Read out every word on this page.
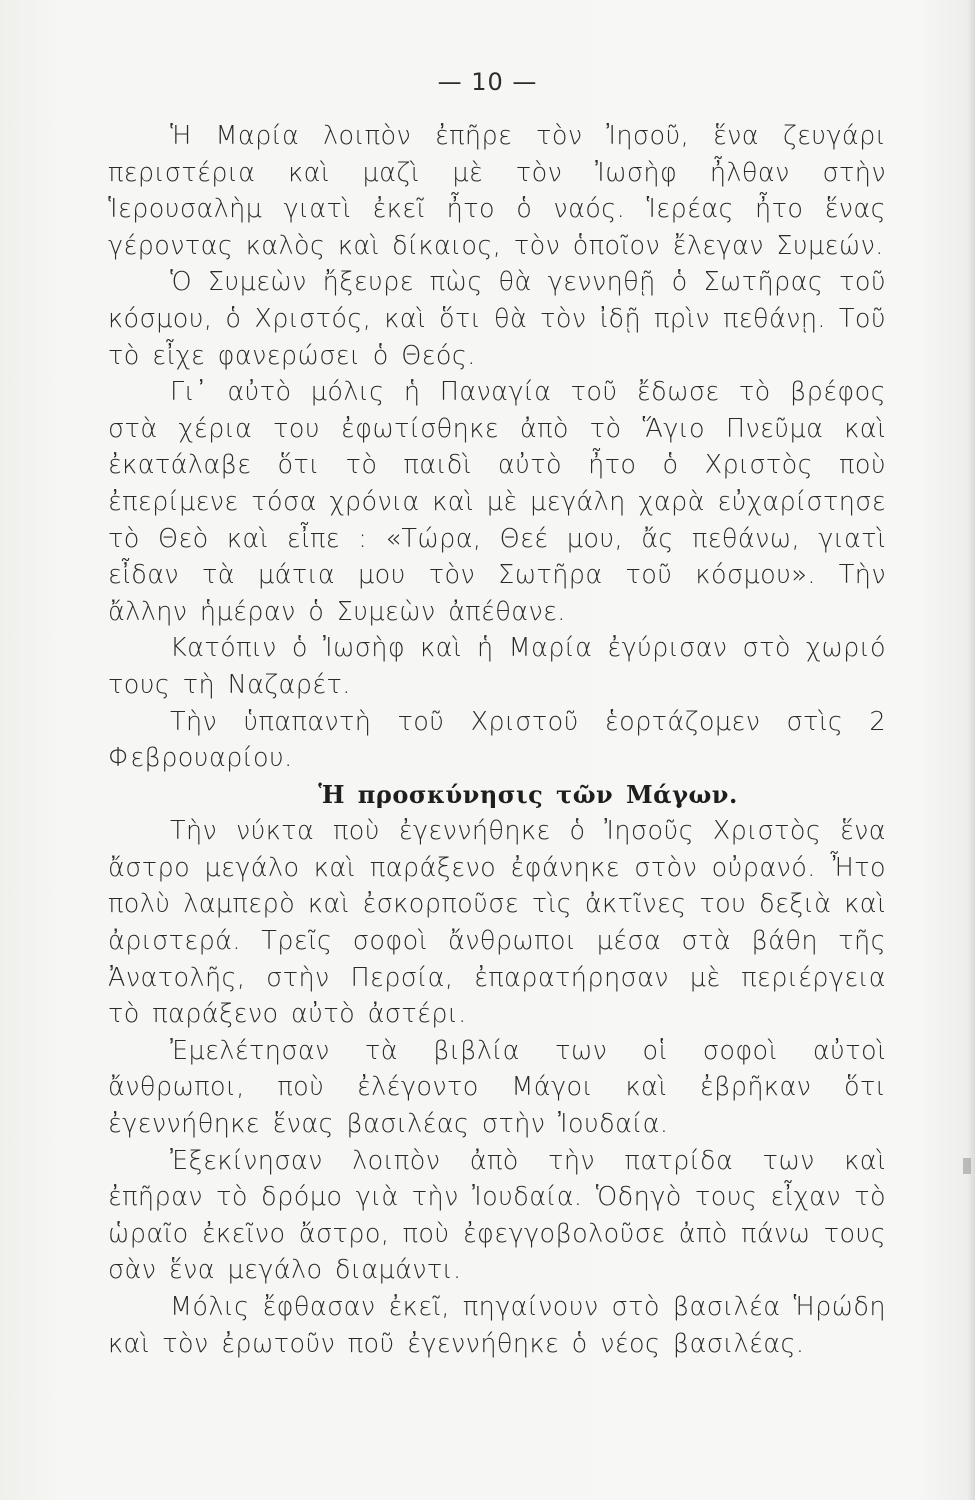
— 10 —

Ἡ Μαρία λοιπὸν ἐπῆρε τὸν Ἰησοῦ, ἕνα ζευγάρι περιστέρια καὶ μαζὶ μὲ τὸν Ἰωσὴφ ἦλθαν στὴν Ἱερουσαλὴμ γιατὶ ἐκεῖ ἦτο ὁ ναός. Ἱερέας ἦτο ἕνας γέροντας καλὸς καὶ δίκαιος, τὸν ὁποῖον ἔλεγαν Συμεών.

Ὁ Συμεὼν ἤξευρε πὼς θὰ γεννηθῇ ὁ Σωτῆρας τοῦ κόσμου, ὁ Χριστός, καὶ ὅτι θὰ τὸν ἰδῇ πρὶν πεθάνῃ. Τοῦ τὸ εἶχε φανερώσει ὁ Θεός.

Γι᾽ αὐτὸ μόλις ἡ Παναγία τοῦ ἔδωσε τὸ βρέφος στὰ χέρια του ἐφωτίσθηκε ἀπὸ τὸ Ἅγιο Πνεῦμα καὶ ἐκατάλαβε ὅτι τὸ παιδὶ αὐτὸ ἦτο ὁ Χριστὸς ποὺ ἐπερίμενε τόσα χρόνια καὶ μὲ μεγάλη χαρὰ εὐχαρίστησε τὸ Θεὸ καὶ εἶπε : «Τώρα, Θεέ μου, ἄς πεθάνω, γιατὶ εἶδαν τὰ μάτια μου τὸν Σωτῆρα τοῦ κόσμου». Τὴν ἄλλην ἡμέραν ὁ Συμεὼν ἀπέθανε.

Κατόπιν ὁ Ἰωσὴφ καὶ ἡ Μαρία ἐγύρισαν στὸ χωριό τους τὴ Ναζαρέτ.

Τὴν ὑπαπαντὴ τοῦ Χριστοῦ ἑορτάζομεν στὶς 2 Φεβρουαρίου.

Ἡ προσκύνησις τῶν Μάγων.

Τὴν νύκτα ποὺ ἐγεννήθηκε ὁ Ἰησοῦς Χριστὸς ἕνα ἄστρο μεγάλο καὶ παράξενο ἐφάνηκε στὸν οὐρανό. Ἦτο πολὺ λαμπερὸ καὶ ἐσκορποῦσε τὶς ἀκτῖνες του δεξιὰ καὶ ἀριστερά. Τρεῖς σοφοὶ ἄνθρωποι μέσα στὰ βάθη τῆς Ἀνατολῆς, στὴν Περσία, ἐπαρατήρησαν μὲ περιέργεια τὸ παράξενο αὐτὸ ἀστέρι.

Ἐμελέτησαν τὰ βιβλία των οἱ σοφοὶ αὐτοὶ ἄνθρωποι, ποὺ ἐλέγοντο Μάγοι καὶ ἐβρῆκαν ὅτι ἐγεννήθηκε ἕνας βασιλέας στὴν Ἰουδαία.

Ἐξεκίνησαν λοιπὸν ἀπὸ τὴν πατρίδα των καὶ ἐπῆραν τὸ δρόμο γιὰ τὴν Ἰουδαία. Ὁδηγὸ τους εἶχαν τὸ ὡραῖο ἐκεῖνο ἄστρο, ποὺ ἐφεγγοβολοῦσε ἀπὸ πάνω τους σὰν ἕνα μεγάλο διαμάντι.

Μόλις ἔφθασαν ἐκεῖ, πηγαίνουν στὸ βασιλέα Ἡρώδη καὶ τὸν ἐρωτοῦν ποῦ ἐγεννήθηκε ὁ νέος βασιλέας.
